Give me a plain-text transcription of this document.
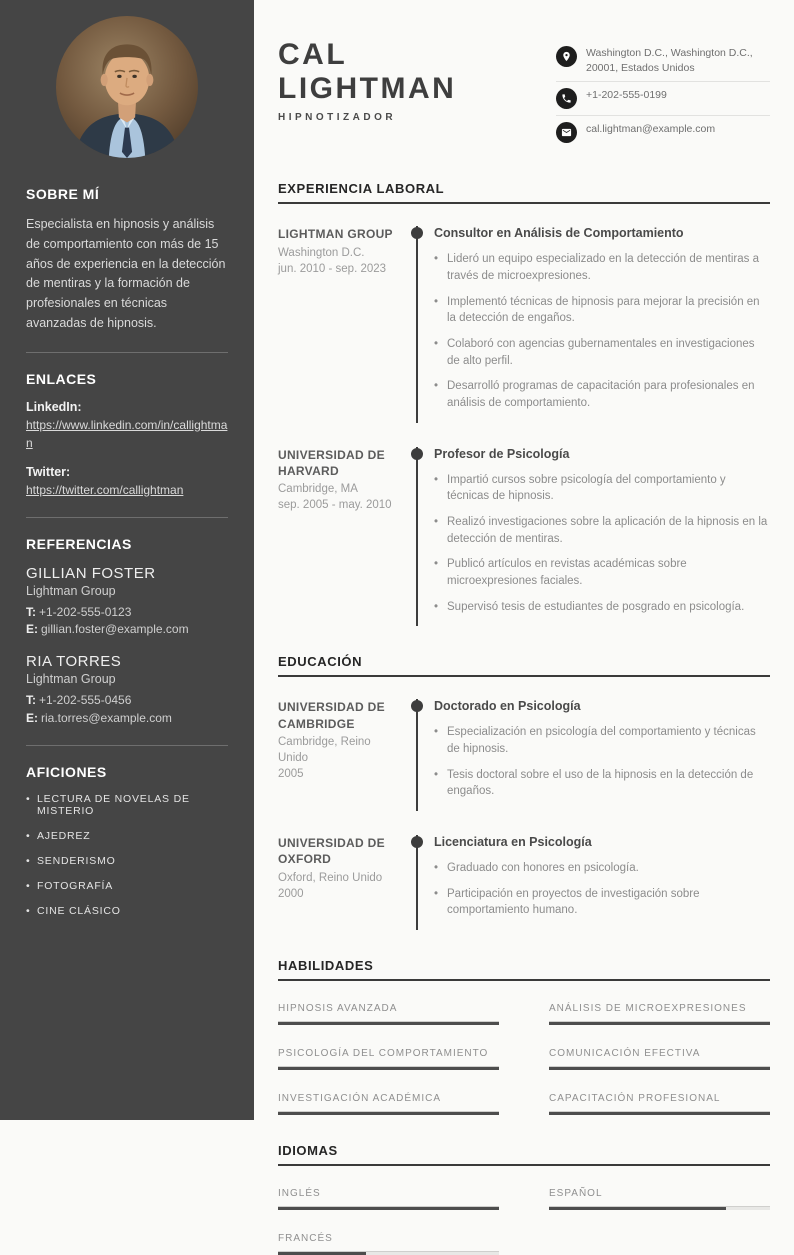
SOBRE MÍ

Especialista en hipnosis y análisis de comportamiento con más de 15 años de experiencia en la detección de mentiras y la formación de profesionales en técnicas avanzadas de hipnosis.

ENLACES
LinkedIn:
https://www.linkedin.com/in/callightman
Twitter:
https://twitter.com/callightman
REFERENCIAS
GILLIAN FOSTER
Lightman Group
T: +1-202-555-0123
E: gillian.foster@example.com
RIA TORRES
Lightman Group
T: +1-202-555-0456
E: ria.torres@example.com
AFICIONES
• LECTURA DE NOVELAS DE MISTERIO
• AJEDREZ
• SENDERISMO
• FOTOGRAFÍA
• CINE CLÁSICO
CAL
LIGHTMAN
HIPNOTIZADOR
Washington D.C., Washington D.C., 20001, Estados Unidos
+1-202-555-0199
cal.lightman@example.com
EXPERIENCIA LABORAL
LIGHTMAN GROUP
Washington D.C.
jun. 2010 - sep. 2023
Consultor en Análisis de Comportamiento
• Lideró un equipo especializado en la detección de mentiras a través de microexpresiones.
• Implementó técnicas de hipnosis para mejorar la precisión en la detección de engaños.
• Colaboró con agencias gubernamentales en investigaciones de alto perfil.
• Desarrolló programas de capacitación para profesionales en análisis de comportamiento.
UNIVERSIDAD DE HARVARD
Cambridge, MA
sep. 2005 - may. 2010
Profesor de Psicología
• Impartió cursos sobre psicología del comportamiento y técnicas de hipnosis.
• Realizó investigaciones sobre la aplicación de la hipnosis en la detección de mentiras.
• Publicó artículos en revistas académicas sobre microexpresiones faciales.
• Supervisó tesis de estudiantes de posgrado en psicología.
EDUCACIÓN
UNIVERSIDAD DE CAMBRIDGE
Cambridge, Reino Unido
2005
Doctorado en Psicología
• Especialización en psicología del comportamiento y técnicas de hipnosis.
• Tesis doctoral sobre el uso de la hipnosis en la detección de engaños.
UNIVERSIDAD DE OXFORD
Oxford, Reino Unido
2000
Licenciatura en Psicología
• Graduado con honores en psicología.
• Participación en proyectos de investigación sobre comportamiento humano.
HABILIDADES
HIPNOSIS AVANZADA	ANÁLISIS DE MICROEXPRESIONES
PSICOLOGÍA DEL COMPORTAMIENTO	COMUNICACIÓN EFECTIVA
INVESTIGACIÓN ACADÉMICA	CAPACITACIÓN PROFESIONAL
IDIOMAS
INGLÉS	ESPAÑOL
FRANCÉS
